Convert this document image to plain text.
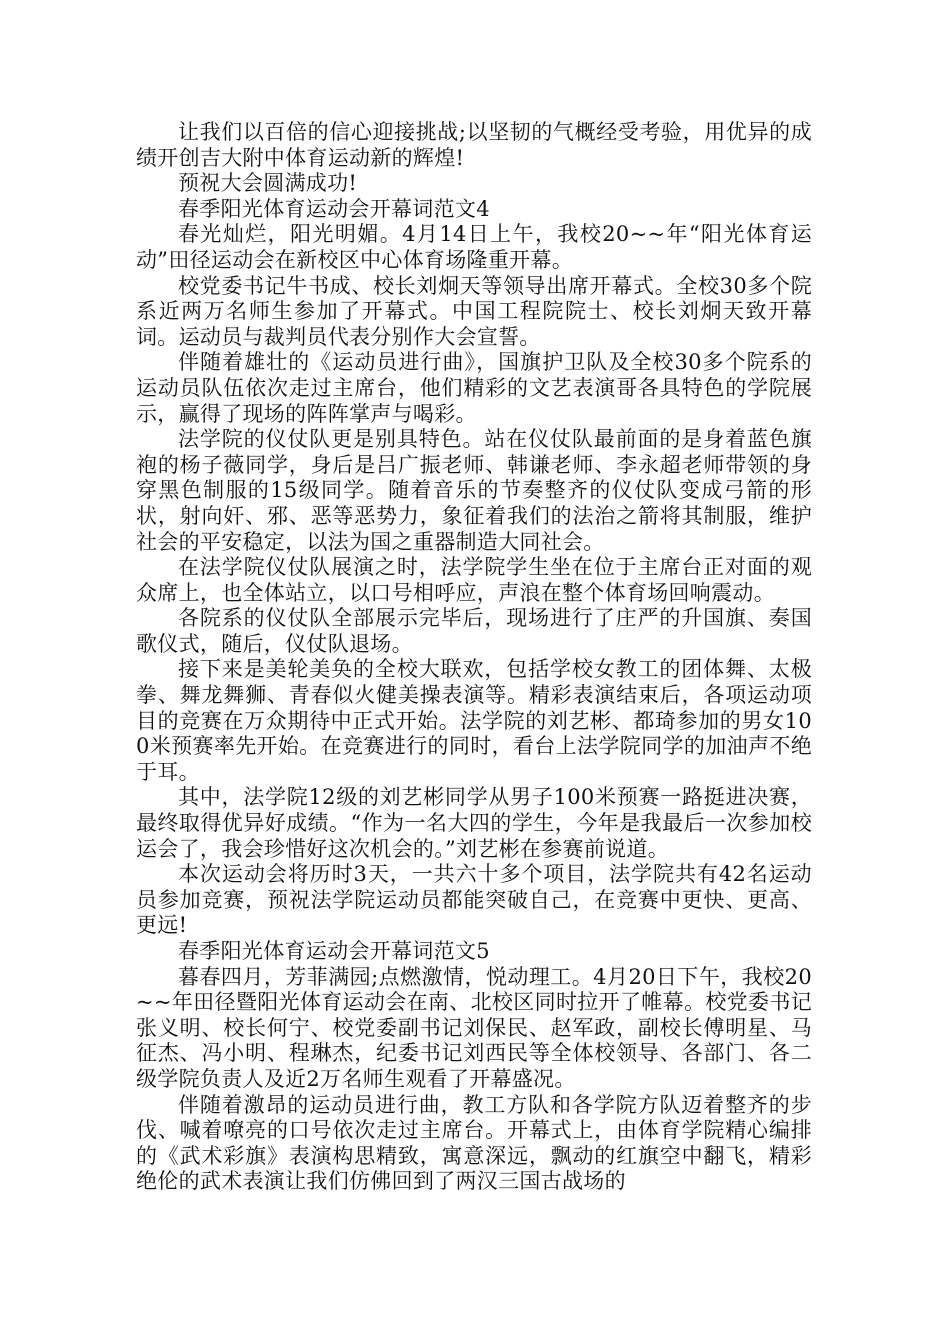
让我们以百倍的信心迎接挑战;以坚韧的气概经受考验，用优异的成绩开创吉大附中体育运动新的辉煌!

预祝大会圆满成功!

春季阳光体育运动会开幕词范文4

春光灿烂，阳光明媚。4月14日上午，我校20~~年“阳光体育运动”田径运动会在新校区中心体育场隆重开幕。

校党委书记牛书成、校长刘炯天等领导出席开幕式。全校30多个院系近两万名师生参加了开幕式。中国工程院院士、校长刘炯天致开幕词。运动员与裁判员代表分别作大会宣誓。

伴随着雄壮的《运动员进行曲》，国旗护卫队及全校30多个院系的运动员队伍依次走过主席台，他们精彩的文艺表演哥各具特色的学院展示，赢得了现场的阵阵掌声与喝彩。

法学院的仪仗队更是别具特色。站在仪仗队最前面的是身着蓝色旗袍的杨子薇同学，身后是吕广振老师、韩谦老师、李永超老师带领的身穿黑色制服的15级同学。随着音乐的节奏整齐的仪仗队变成弓箭的形状，射向奸、邪、恶等恶势力，象征着我们的法治之箭将其制服，维护社会的平安稳定，以法为国之重器制造大同社会。

在法学院仪仗队展演之时，法学院学生坐在位于主席台正对面的观众席上，也全体站立，以口号相呼应，声浪在整个体育场回响震动。

各院系的仪仗队全部展示完毕后，现场进行了庄严的升国旗、奏国歌仪式，随后，仪仗队退场。

接下来是美轮美奂的全校大联欢，包括学校女教工的团体舞、太极拳、舞龙舞狮、青春似火健美操表演等。精彩表演结束后，各项运动项目的竞赛在万众期待中正式开始。法学院的刘艺彬、都琦参加的男女100米预赛率先开始。在竞赛进行的同时，看台上法学院同学的加油声不绝于耳。

其中，法学院12级的刘艺彬同学从男子100米预赛一路挺进决赛，最终取得优异好成绩。“作为一名大四的学生，今年是我最后一次参加校运会了，我会珍惜好这次机会的。”刘艺彬在参赛前说道。

本次运动会将历时3天，一共六十多个项目，法学院共有42名运动员参加竞赛，预祝法学院运动员都能突破自己，在竞赛中更快、更高、更远!

春季阳光体育运动会开幕词范文5

暮春四月，芳菲满园;点燃激情，悦动理工。4月20日下午，我校20~~年田径暨阳光体育运动会在南、北校区同时拉开了帷幕。校党委书记张义明、校长何宁、校党委副书记刘保民、赵军政，副校长傅明星、马征杰、冯小明、程琳杰，纪委书记刘西民等全体校领导、各部门、各二级学院负责人及近2万名师生观看了开幕盛况。

伴随着激昂的运动员进行曲，教工方队和各学院方队迈着整齐的步伐、喊着嘹亮的口号依次走过主席台。开幕式上，由体育学院精心编排的《武术彩旗》表演构思精致，寓意深远，飘动的红旗空中翻飞，精彩绝伦的武术表演让我们仿佛回到了两汉三国古战场的
